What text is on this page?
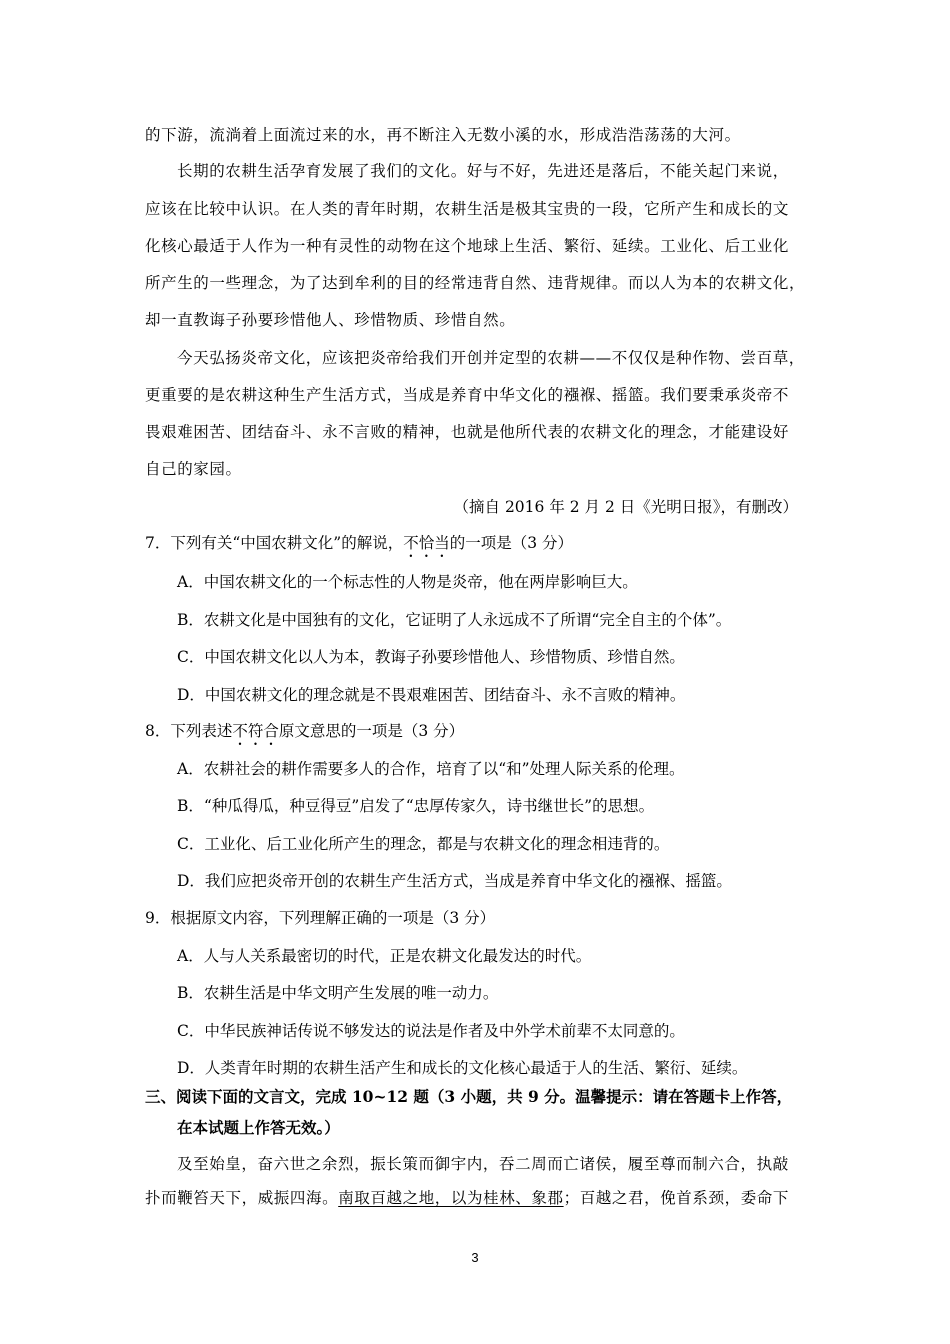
的下游，流淌着上面流过来的水，再不断注入无数小溪的水，形成浩浩荡荡的大河。
长期的农耕生活孕育发展了我们的文化。好与不好，先进还是落后，不能关起门来说，
应该在比较中认识。在人类的青年时期，农耕生活是极其宝贵的一段，它所产生和成长的文
化核心最适于人作为一种有灵性的动物在这个地球上生活、繁衍、延续。工业化、后工业化
所产生的一些理念，为了达到牟利的目的经常违背自然、违背规律。而以人为本的农耕文化，
却一直教诲子孙要珍惜他人、珍惜物质、珍惜自然。
今天弘扬炎帝文化，应该把炎帝给我们开创并定型的农耕——不仅仅是种作物、尝百草，
更重要的是农耕这种生产生活方式，当成是养育中华文化的襁褓、摇篮。我们要秉承炎帝不
畏艰难困苦、团结奋斗、永不言败的精神，也就是他所代表的农耕文化的理念，才能建设好
自己的家园。
（摘自 2016 年 2 月 2 日《光明日报》，有删改）
7．下列有关“中国农耕文化”的解说，不恰当的一项是（3 分）
A．中国农耕文化的一个标志性的人物是炎帝，他在两岸影响巨大。
B．农耕文化是中国独有的文化，它证明了人永远成不了所谓“完全自主的个体”。
C．中国农耕文化以人为本，教诲子孙要珍惜他人、珍惜物质、珍惜自然。
D．中国农耕文化的理念就是不畏艰难困苦、团结奋斗、永不言败的精神。
8．下列表述不符合原文意思的一项是（3 分）
A．农耕社会的耕作需要多人的合作，培育了以“和”处理人际关系的伦理。
B．“种瓜得瓜，种豆得豆”启发了“忠厚传家久，诗书继世长”的思想。
C．工业化、后工业化所产生的理念，都是与农耕文化的理念相违背的。
D．我们应把炎帝开创的农耕生产生活方式，当成是养育中华文化的襁褓、摇篮。
9．根据原文内容，下列理解正确的一项是（3 分）
A．人与人关系最密切的时代，正是农耕文化最发达的时代。
B．农耕生活是中华文明产生发展的唯一动力。
C．中华民族神话传说不够发达的说法是作者及中外学术前辈不太同意的。
D．人类青年时期的农耕生活产生和成长的文化核心最适于人的生活、繁衍、延续。
三、阅读下面的文言文，完成 10~12 题（3 小题，共 9 分。温馨提示：请在答题卡上作答，
在本试题上作答无效。）
及至始皇，奋六世之余烈，振长策而御宇内，吞二周而亡诸侯，履至尊而制六合，执敲
扑而鞭笞天下，威振四海。南取百越之地，以为桂林、象郡；百越之君，俛首系颈，委命下
3
